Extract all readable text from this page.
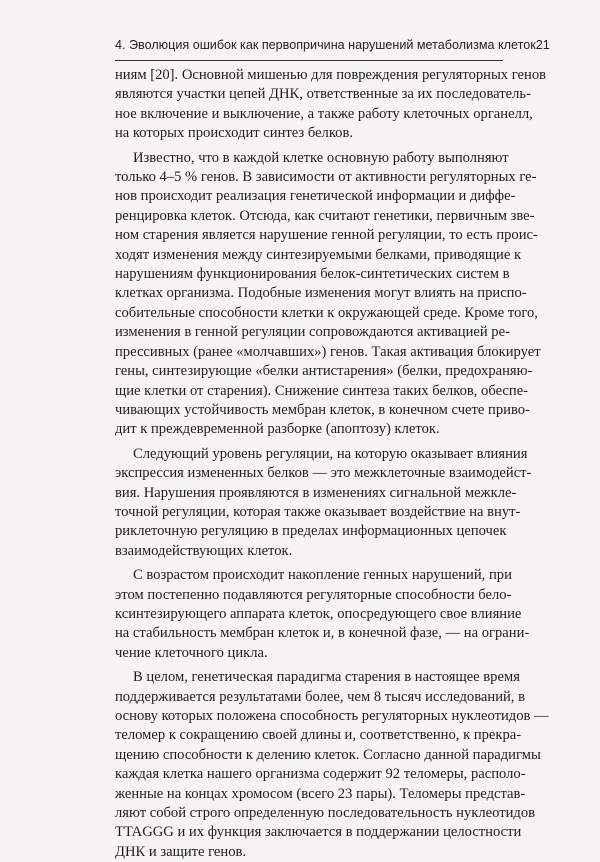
4. Эволюция ошибок как первопричина нарушений метаболизма клеток 21

ниям [20]. Основной мишенью для повреждения регуляторных генов
являются участки цепей ДНК, ответственные за их последователь-
ное включение и выключение, а также работу клеточных органелл,
на которых происходит синтез белков.

Известно, что в каждой клетке основную работу выполняют
только 4–5 % генов. В зависимости от активности регуляторных ге-
нов происходит реализация генетической информации и диффе-
ренцировка клеток. Отсюда, как считают генетики, первичным зве-
ном старения является нарушение генной регуляции, то есть проис-
ходят изменения между синтезируемыми белками, приводящие к
нарушениям функционирования белок-синтетических систем в
клетках организма. Подобные изменения могут влиять на приспо-
собительные способности клетки к окружающей среде. Кроме того,
изменения в генной регуляции сопровождаются активацией ре-
прессивных (ранее «молчавших») генов. Такая активация блокирует
гены, синтезирующие «белки антистарения» (белки, предохраняю-
щие клетки от старения). Снижение синтеза таких белков, обеспе-
чивающих устойчивость мембран клеток, в конечном счете приво-
дит к преждевременной разборке (апоптозу) клеток.

Следующий уровень регуляции, на которую оказывает влияния
экспрессия измененных белков — это межклеточные взаимодейст-
вия. Нарушения проявляются в изменениях сигнальной межкле-
точной регуляции, которая также оказывает воздействие на внут-
риклеточную регуляцию в пределах информационных цепочек
взаимодействующих клеток.

С возрастом происходит накопление генных нарушений, при
этом постепенно подавляются регуляторные способности бело-
ксинтезирующего аппарата клеток, опосредующего свое влияние
на стабильность мембран клеток и, в конечной фазе, — на ограни-
чение клеточного цикла.

В целом, генетическая парадигма старения в настоящее время
поддерживается результатами более, чем 8 тысяч исследований, в
основу которых положена способность регуляторных нуклеотидов —
теломер к сокращению своей длины и, соответственно, к прекра-
щению способности к делению клеток. Согласно данной парадигмы
каждая клетка нашего организма содержит 92 теломеры, располо-
женные на концах хромосом (всего 23 пары). Теломеры представ-
ляют собой строго определенную последовательность нуклеотидов
TTAGGG и их функция заключается в поддержании целостности
ДНК и защите генов.
